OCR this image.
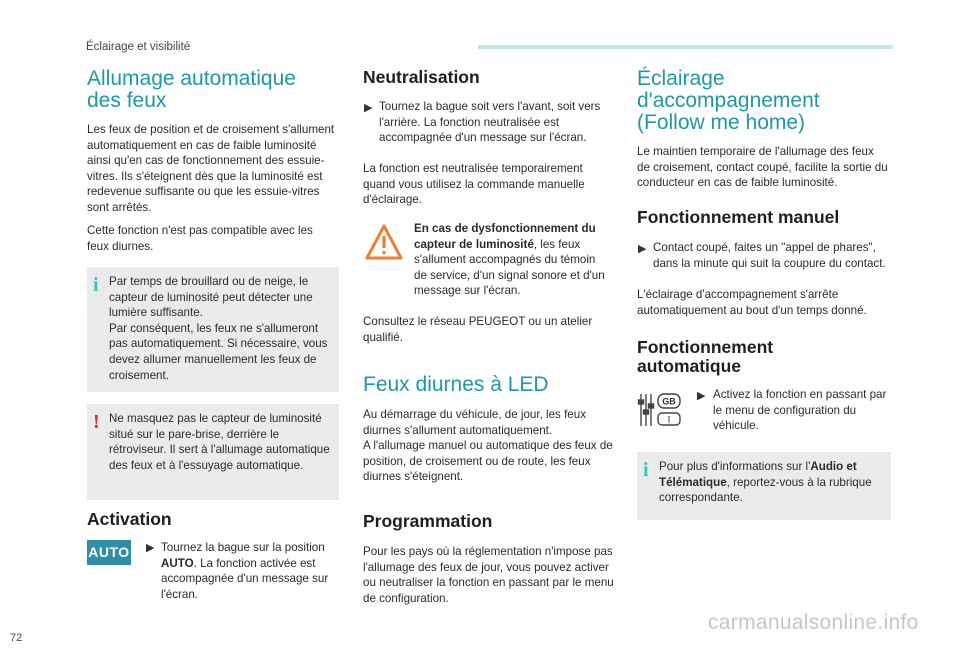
Éclairage et visibilité
Allumage automatique
des feux

Les feux de position et de croisement s'allument automatiquement en cas de faible luminosité ainsi qu'en cas de fonctionnement des essuie-vitres. Ils s'éteignent dès que la luminosité est redevenue suffisante ou que les essuie-vitres sont arrêtés.

Cette fonction n'est pas compatible avec les feux diurnes.

i Par temps de brouillard ou de neige, le capteur de luminosité peut détecter une lumière suffisante.
Par conséquent, les feux ne s'allumeront pas automatiquement. Si nécessaire, vous devez allumer manuellement les feux de croisement.
! Ne masquez pas le capteur de luminosité situé sur le pare-brise, derrière le rétroviseur. Il sert à l'allumage automatique des feux et à l'essuyage automatique.
Activation
AUTO ▶ Tournez la bague sur la position AUTO. La fonction activée est accompagnée d'un message sur l'écran.

Neutralisation
▶ Tournez la bague soit vers l'avant, soit vers l'arrière. La fonction neutralisée est accompagnée d'un message sur l'écran.

La fonction est neutralisée temporairement quand vous utilisez la commande manuelle d'éclairage.

En cas de dysfonctionnement du capteur de luminosité, les feux s'allument accompagnés du témoin de service, d'un signal sonore et d'un message sur l'écran.

Consultez le réseau PEUGEOT ou un atelier qualifié.

Feux diurnes à LED

Au démarrage du véhicule, de jour, les feux diurnes s'allument automatiquement.
A l'allumage manuel ou automatique des feux de position, de croisement ou de route, les feux diurnes s'éteignent.

Programmation

Pour les pays où la réglementation n'impose pas l'allumage des feux de jour, vous pouvez activer ou neutraliser la fonction en passant par le menu de configuration.

Éclairage
d'accompagnement
(Follow me home)

Le maintien temporaire de l'allumage des feux de croisement, contact coupé, facilite la sortie du conducteur en cas de faible luminosité.

Fonctionnement manuel
▶ Contact coupé, faites un "appel de phares", dans la minute qui suit la coupure du contact.

L'éclairage d'accompagnement s'arrête automatiquement au bout d'un temps donné.

Fonctionnement
automatique
GB
I
▶ Activez la fonction en passant par le menu de configuration du véhicule.

i Pour plus d'informations sur l'Audio et Télématique, reportez-vous à la rubrique correspondante.
72
carmanualsonline.info
